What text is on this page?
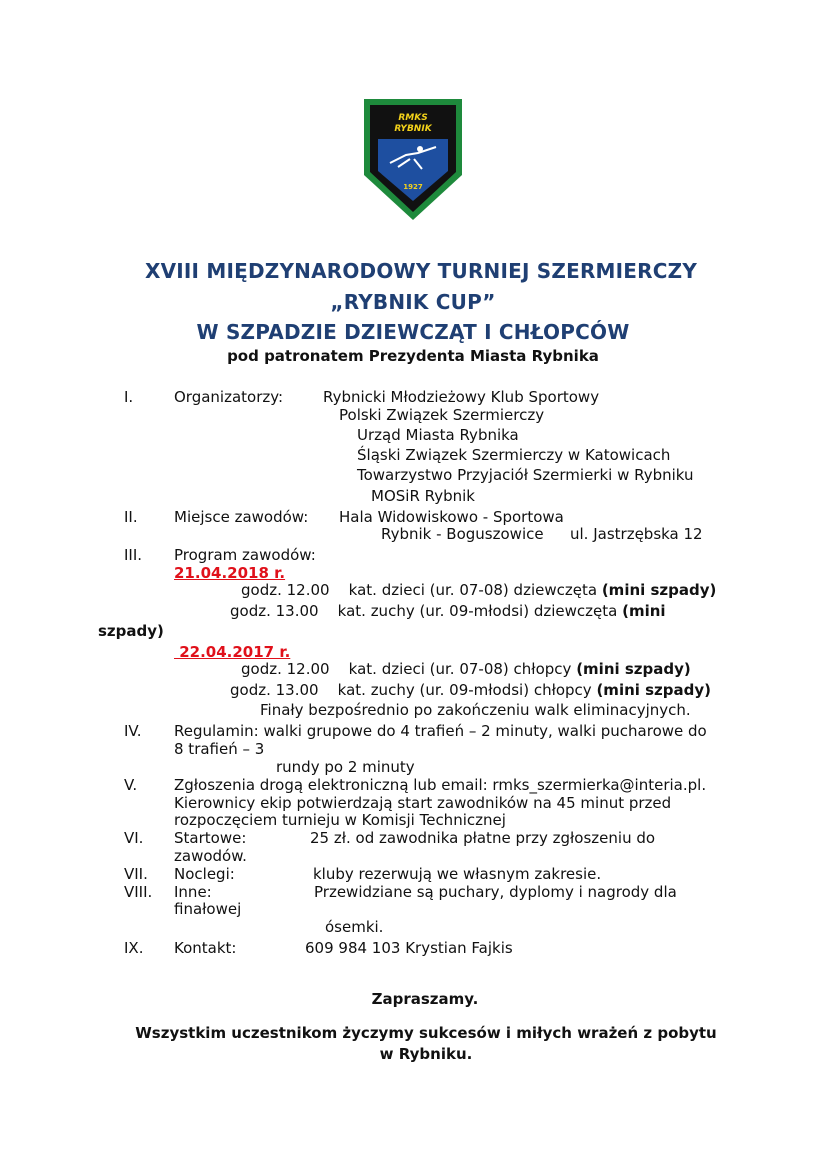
RMKS
RYBNIK
1927
XVIII MIĘDZYNARODOWY TURNIEJ SZERMIERCZY
„RYBNIK CUP”
W SZPADZIE DZIEWCZĄT I CHŁOPCÓW
pod patronatem Prezydenta Miasta Rybnika
I.	Organizatorzy:	Rybnicki Młodzieżowy Klub Sportowy
Polski Związek Szermierczy
Urząd Miasta Rybnika
Śląski Związek Szermierczy w Katowicach
Towarzystwo Przyjaciół Szermierki w Rybniku
MOSiR Rybnik
II. Miejsce zawodów: Hala Widowiskowo - Sportowa
Rybnik - Boguszowice ul. Jastrzębska 12
III. Program zawodów:
21.04.2018 r.
godz. 12.00 kat. dzieci (ur. 07-08) dziewczęta (mini szpady)
godz. 13.00 kat. zuchy (ur. 09-młodsi) dziewczęta (mini
szpady)
22.04.2017 r.
godz. 12.00 kat. dzieci (ur. 07-08) chłopcy (mini szpady)
godz. 13.00 kat. zuchy (ur. 09-młodsi) chłopcy (mini szpady)
Finały bezpośrednio po zakończeniu walk eliminacyjnych.
IV. Regulamin: walki grupowe do 4 trafień – 2 minuty, walki pucharowe do
8 trafień – 3
rundy po 2 minuty
V. Zgłoszenia drogą elektroniczną lub email: rmks_szermierka@interia.pl.
Kierownicy ekip potwierdzają start zawodników na 45 minut przed
rozpoczęciem turnieju w Komisji Technicznej
VI. Startowe:	25 zł. od zawodnika płatne przy zgłoszeniu do
zawodów.
VII. Noclegi:	kluby rezerwują we własnym zakresie.
VIII. Inne:	Przewidziane są puchary, dyplomy i nagrody dla
finałowej
ósemki.
IX. Kontakt:	609 984 103 Krystian Fajkis
Zapraszamy.
Wszystkim uczestnikom życzymy sukcesów i miłych wrażeń z pobytu
w Rybniku.
